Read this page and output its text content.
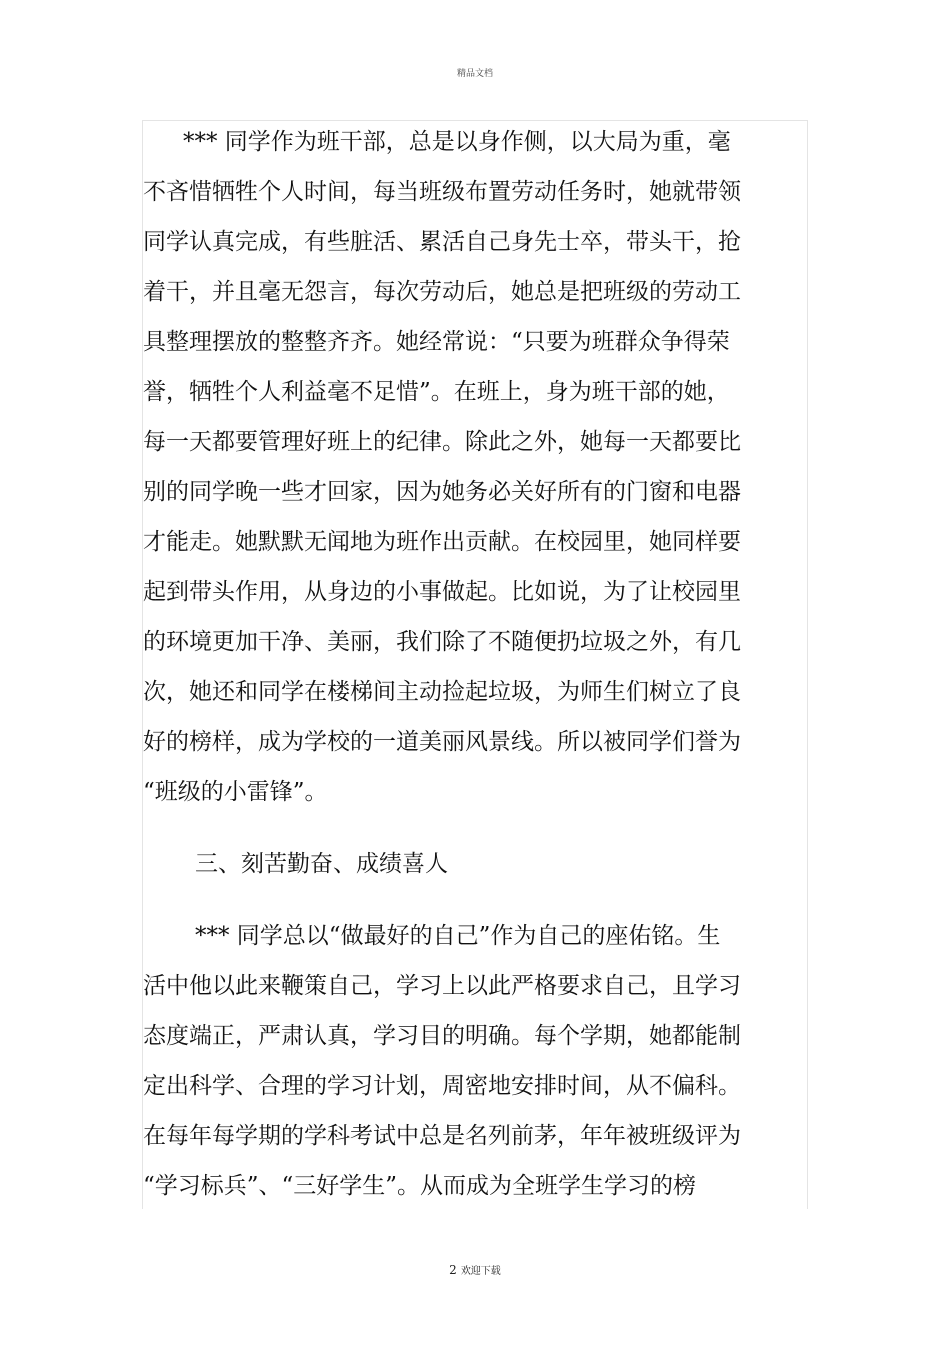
精品文档
*** 同学作为班干部，总是以身作侧，以大局为重，毫
不吝惜牺牲个人时间，每当班级布置劳动任务时，她就带领
同学认真完成，有些脏活、累活自己身先士卒，带头干，抢
着干，并且毫无怨言，每次劳动后，她总是把班级的劳动工
具整理摆放的整整齐齐。她经常说：“只要为班群众争得荣
誉，牺牲个人利益毫不足惜”。在班上，身为班干部的她，
每一天都要管理好班上的纪律。除此之外，她每一天都要比
别的同学晚一些才回家，因为她务必关好所有的门窗和电器
才能走。她默默无闻地为班作出贡献。在校园里，她同样要
起到带头作用，从身边的小事做起。比如说，为了让校园里
的环境更加干净、美丽，我们除了不随便扔垃圾之外，有几
次，她还和同学在楼梯间主动捡起垃圾，为师生们树立了良
好的榜样，成为学校的一道美丽风景线。所以被同学们誉为
“班级的小雷锋”。
三、刻苦勤奋、成绩喜人
*** 同学总以“做最好的自己”作为自己的座佑铭。生
活中他以此来鞭策自己，学习上以此严格要求自己，且学习
态度端正，严肃认真，学习目的明确。每个学期，她都能制
定出科学、合理的学习计划，周密地安排时间，从不偏科。
在每年每学期的学科考试中总是名列前茅，年年被班级评为
“学习标兵”、“三好学生”。从而成为全班学生学习的榜
2 欢迎下载
